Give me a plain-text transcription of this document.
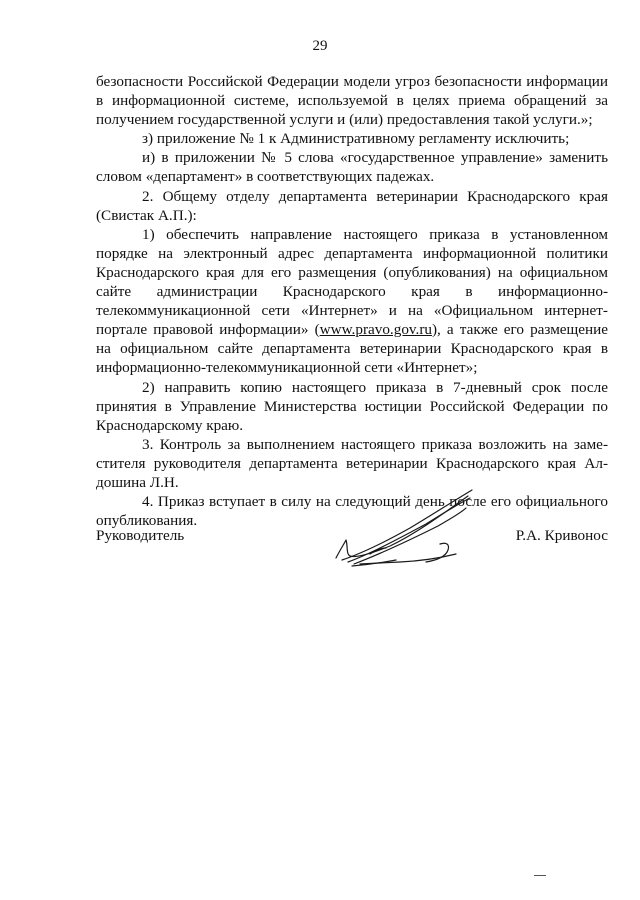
29

безопасности Российской Федерации модели угроз безопасности информации в информационной системе, используемой в целях приема обращений за получением государственной услуги и (или) предоставления такой услуги.»;

з) приложение № 1 к Административному регламенту исключить;

и) в приложении № 5 слова «государственное управление» заменить словом «департамент» в соответствующих падежах.

2. Общему отделу департамента ветеринарии Краснодарского края (Свистак А.П.):

1) обеспечить направление настоящего приказа в установленном порядке на электронный адрес департамента информационной политики Краснодарского края для его размещения (опубликования) на официальном сайте администрации Краснодарского края в информационно-телекоммуникационной сети «Интернет» и на «Официальном интернет-портале правовой информации» (www.pravo.gov.ru), а также его размещение на официальном сайте департамента ветеринарии Краснодарского края в информационно-телекоммуникационной сети «Интернет»;

2) направить копию настоящего приказа в 7-дневный срок после принятия в Управление Министерства юстиции Российской Федерации по Краснодарскому краю.

3. Контроль за выполнением настоящего приказа возложить на заместителя руководителя департамента ветеринарии Краснодарского края Алдошина Л.Н.

4. Приказ вступает в силу на следующий день после его официального опубликования.

Руководитель	Р.А. Кривонос
